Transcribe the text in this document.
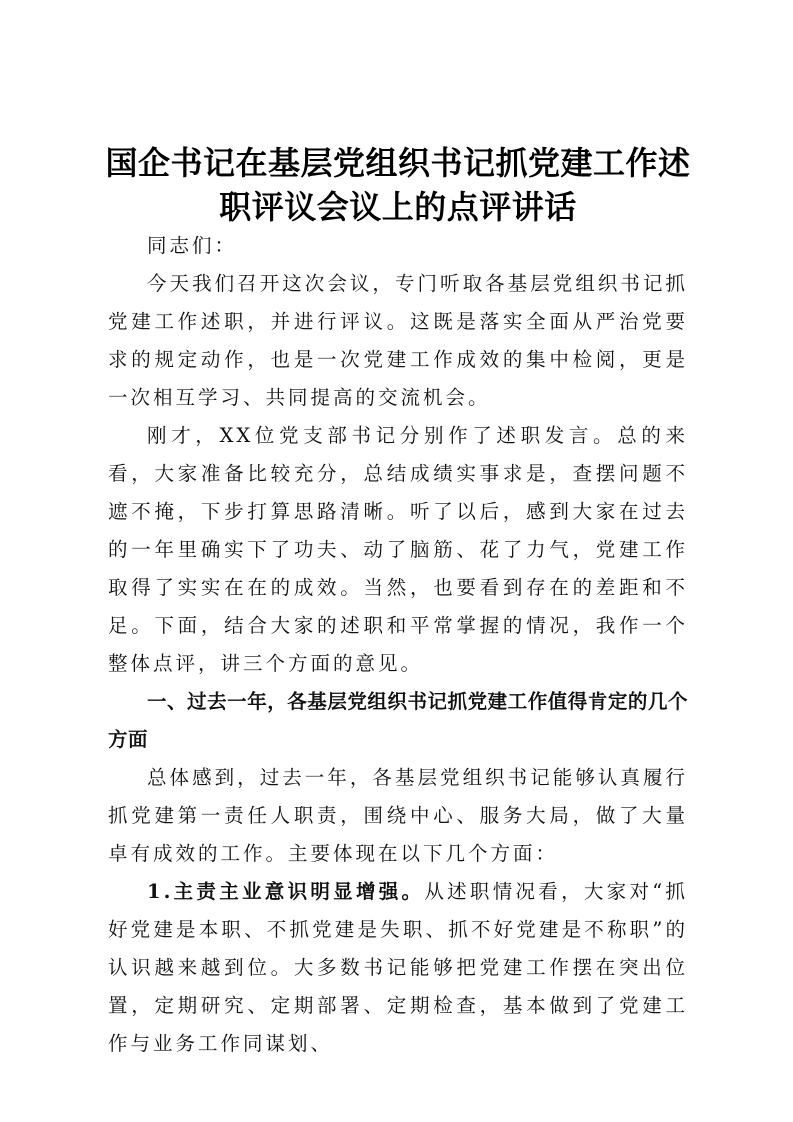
国企书记在基层党组织书记抓党建工作述职评议会议上的点评讲话

同志们：

今天我们召开这次会议，专门听取各基层党组织书记抓党建工作述职，并进行评议。这既是落实全面从严治党要求的规定动作，也是一次党建工作成效的集中检阅，更是一次相互学习、共同提高的交流机会。

刚才，XX位党支部书记分别作了述职发言。总的来看，大家准备比较充分，总结成绩实事求是，查摆问题不遮不掩，下步打算思路清晰。听了以后，感到大家在过去的一年里确实下了功夫、动了脑筋、花了力气，党建工作取得了实实在在的成效。当然，也要看到存在的差距和不足。下面，结合大家的述职和平常掌握的情况，我作一个整体点评，讲三个方面的意见。

一、过去一年，各基层党组织书记抓党建工作值得肯定的几个方面

总体感到，过去一年，各基层党组织书记能够认真履行抓党建第一责任人职责，围绕中心、服务大局，做了大量卓有成效的工作。主要体现在以下几个方面：

1.主责主业意识明显增强。从述职情况看，大家对“抓好党建是本职、不抓党建是失职、抓不好党建是不称职”的认识越来越到位。大多数书记能够把党建工作摆在突出位置，定期研究、定期部署、定期检查，基本做到了党建工作与业务工作同谋划、
